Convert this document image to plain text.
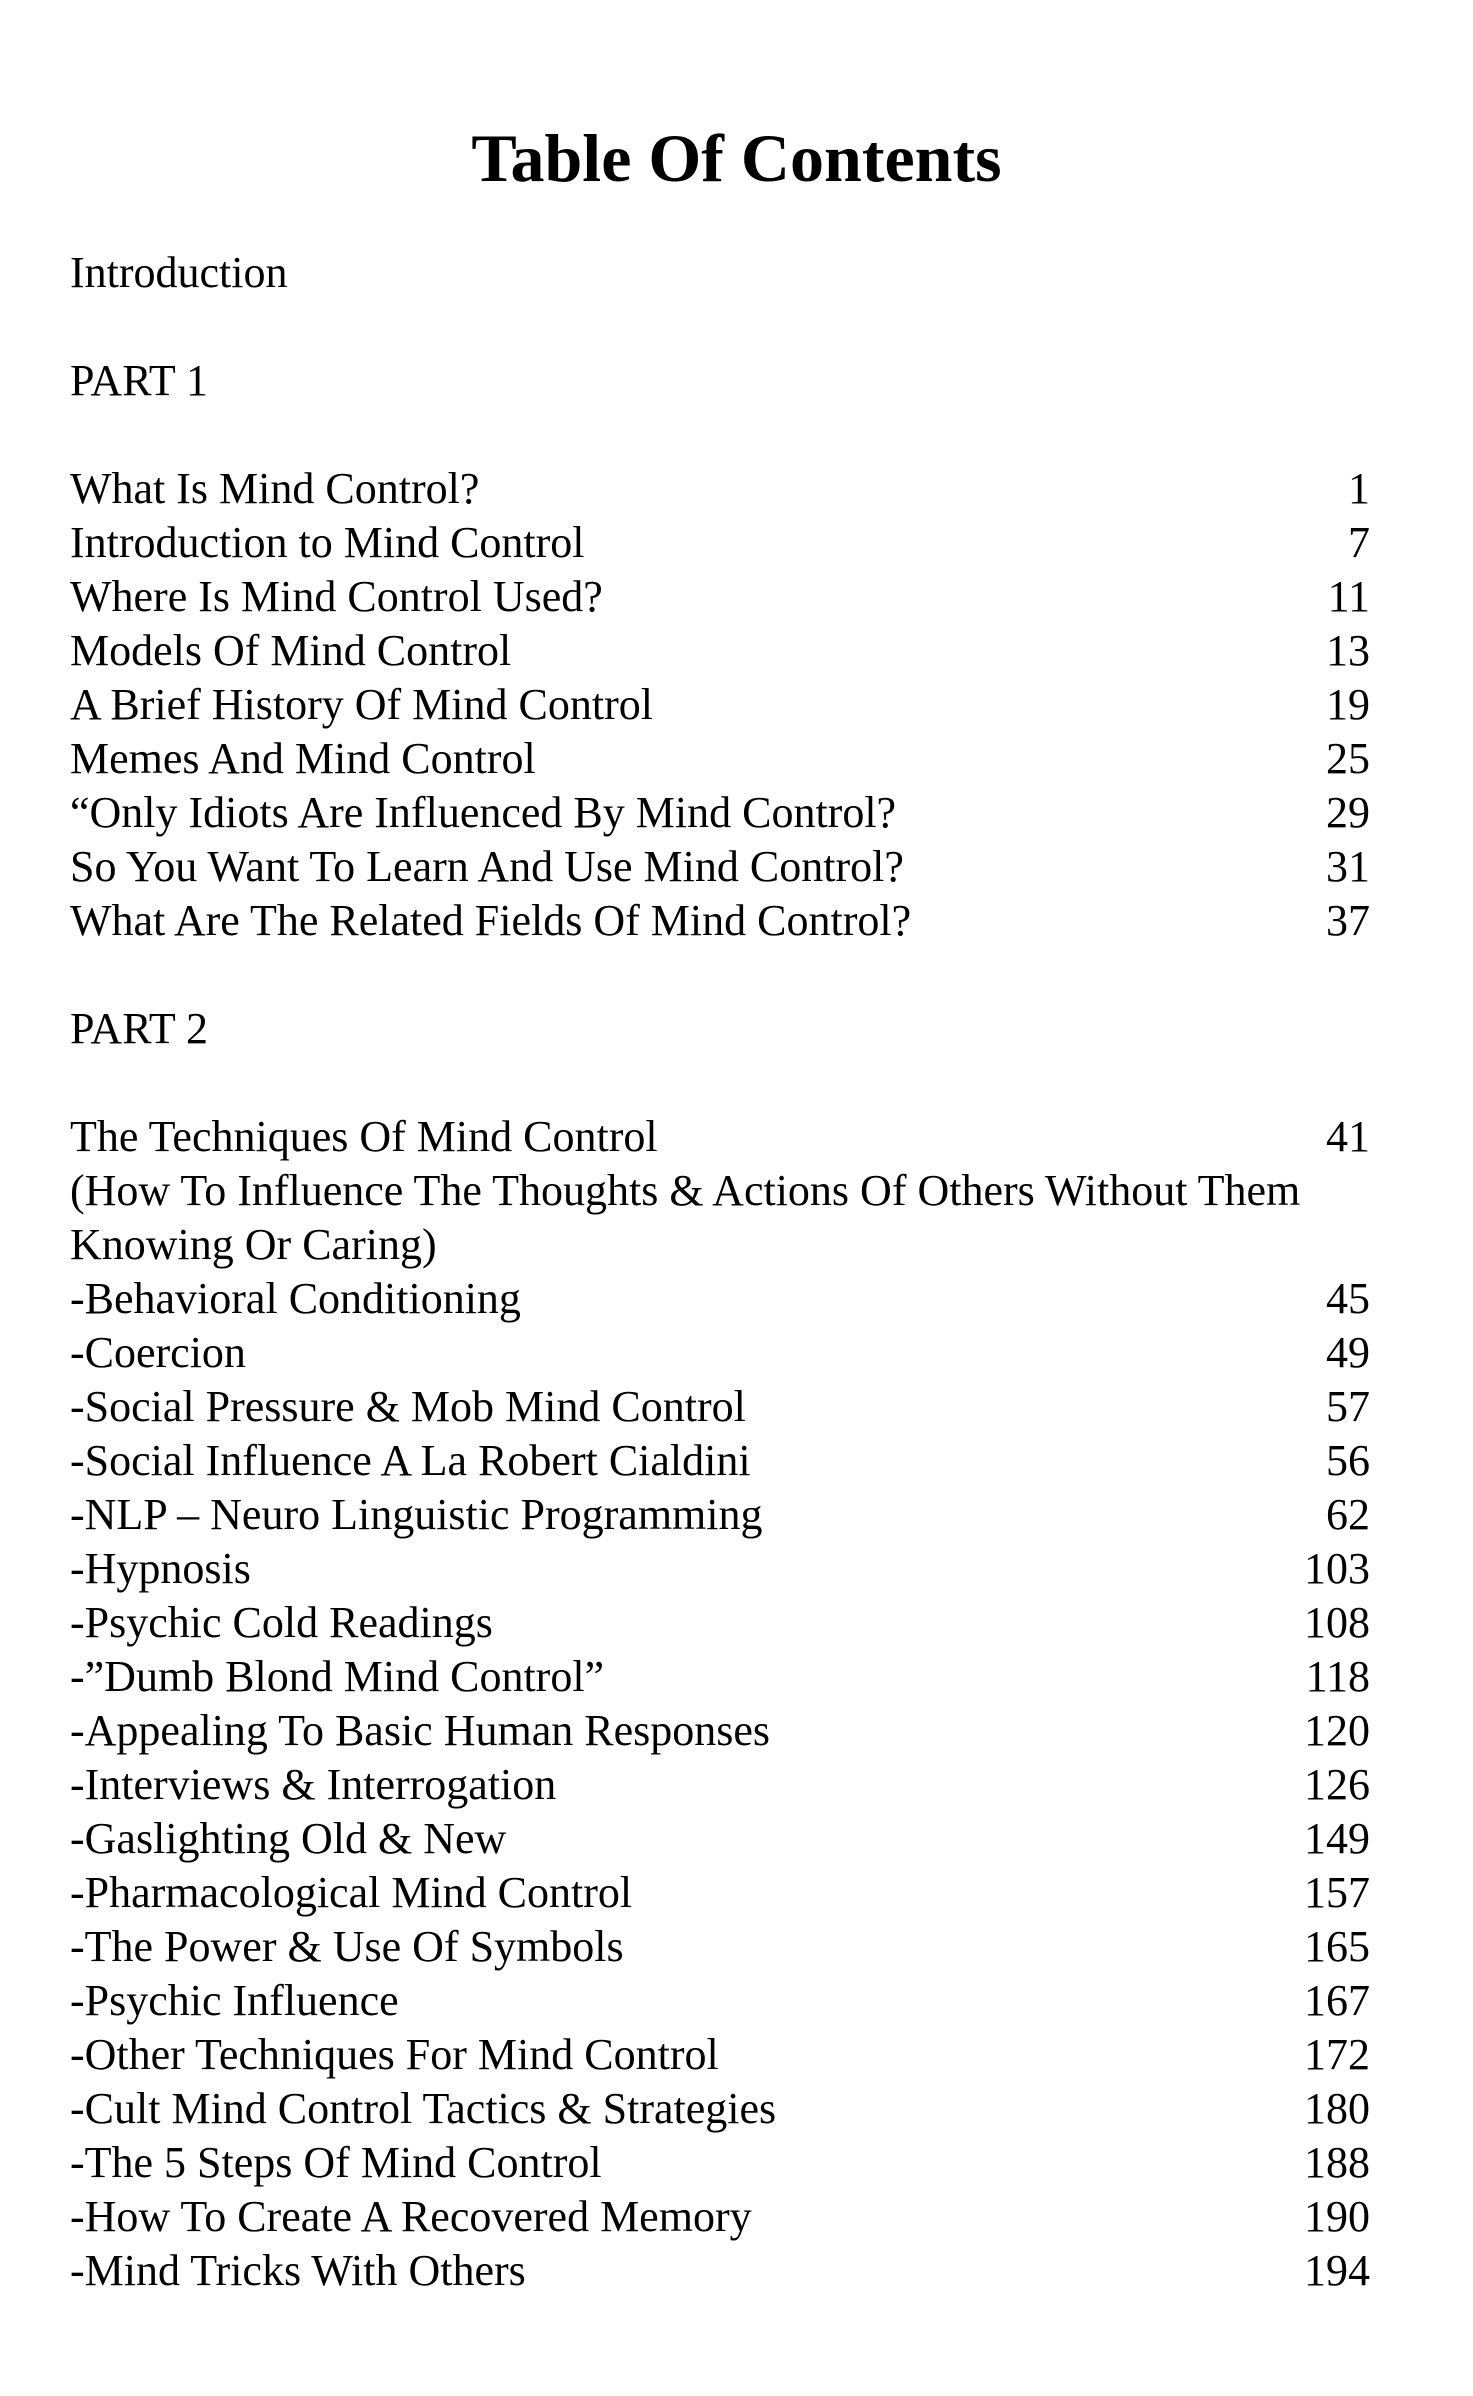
Table Of Contents
Introduction
PART 1
What Is Mind Control?	1
Introduction to Mind Control	7
Where Is Mind Control Used?	11
Models Of Mind Control	13
A Brief History Of Mind Control	19
Memes And Mind Control	25
“Only Idiots Are Influenced By Mind Control?	29
So You Want To Learn And Use Mind Control?	31
What Are The Related Fields Of Mind Control?	37
PART 2
The Techniques Of Mind Control	41
(How To Influence The Thoughts & Actions Of Others Without Them
Knowing Or Caring)
-Behavioral Conditioning	45
-Coercion	49
-Social Pressure & Mob Mind Control	57
-Social Influence A La Robert Cialdini	56
-NLP – Neuro Linguistic Programming	62
-Hypnosis	103
-Psychic Cold Readings	108
-”Dumb Blond Mind Control”	118
-Appealing To Basic Human Responses	120
-Interviews & Interrogation	126
-Gaslighting Old & New	149
-Pharmacological Mind Control	157
-The Power & Use Of Symbols	165
-Psychic Influence	167
-Other Techniques For Mind Control	172
-Cult Mind Control Tactics & Strategies	180
-The 5 Steps Of Mind Control	188
-How To Create A Recovered Memory	190
-Mind Tricks With Others	194
